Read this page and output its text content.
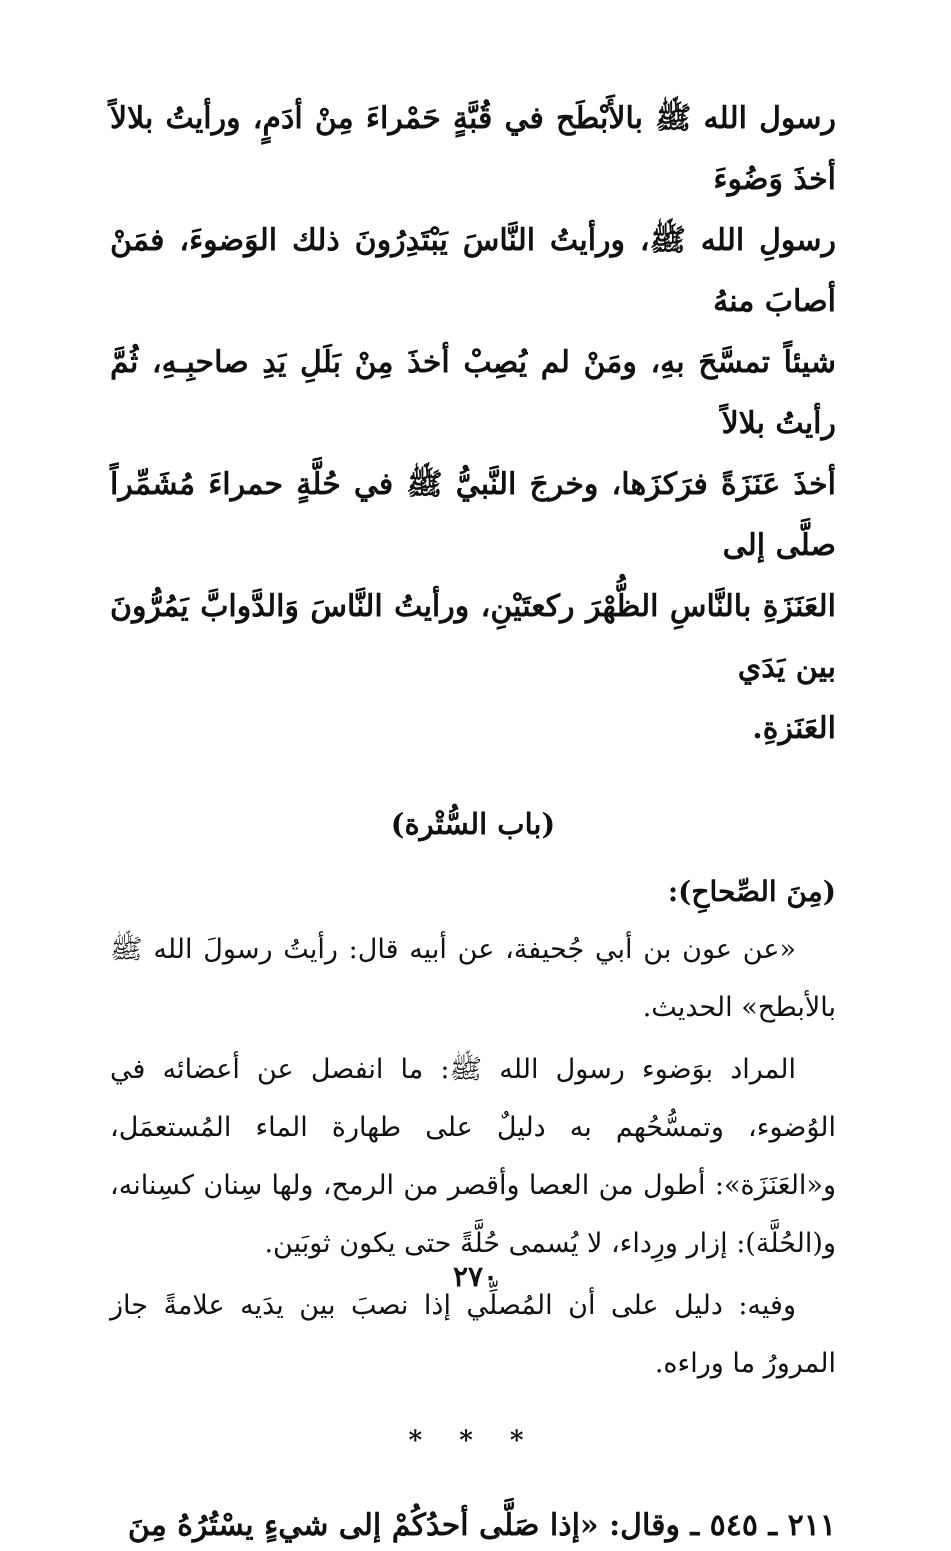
رسول الله ﷺ بالأَبْطَح في قُبَّةٍ حَمْراءَ مِنْ أدَمٍ، ورأيتُ بلالاً أخذَ وَضُوءَ

رسولِ الله ﷺ، ورأيتُ النَّاسَ يَبْتَدِرُونَ ذلك الوَضوءَ، فمَنْ أصابَ منهُ

شيئاً تمسَّحَ بهِ، ومَنْ لم يُصِبْ أخذَ مِنْ بَلَلِ يَدِ صاحبِـهِ، ثُمَّ رأيتُ بلالاً

أخذَ عَنَزَةً فرَكزَها، وخرجَ النَّبيُّ ﷺ في حُلَّةٍ حمراءَ مُشَمِّراً صلَّى إلى

العَنَزَةِ بالنَّاسِ الظُّهْرَ ركعتَيْنِ، ورأيتُ النَّاسَ وَالدَّوابَّ يَمُرُّونَ بين يَدَي

العَنَزةِ.

(باب السُّتْرة)
(مِنَ الصِّحاحِ):

«عن عون بن أبي جُحيفة، عن أبيه قال: رأيتُ رسولَ الله ﷺ بالأبطح» الحديث.

المراد بوَضوء رسول الله ﷺ: ما انفصل عن أعضائه في الوُضوء، وتمسُّحُهم به دليلٌ على طهارة الماء المُستعمَل، و«العَنَزَة»: أطول من العصا وأقصر من الرمح، ولها سِنان كسِنانه، و(الحُلَّة): إزار ورِداء، لا يُسمى حُلَّةً حتى يكون ثوبَين.

وفيه: دليل على أن المُصلِّي إذا نصبَ بين يدَيه علامةً جاز المرورُ ما وراءه.

* * *
٢١١ ـ ٥٤٥ ـ وقال: «إذا صَلَّى أحدُكُمْ إلى شيءٍ يسْتُرُهُ مِنَ
٢٧٠
